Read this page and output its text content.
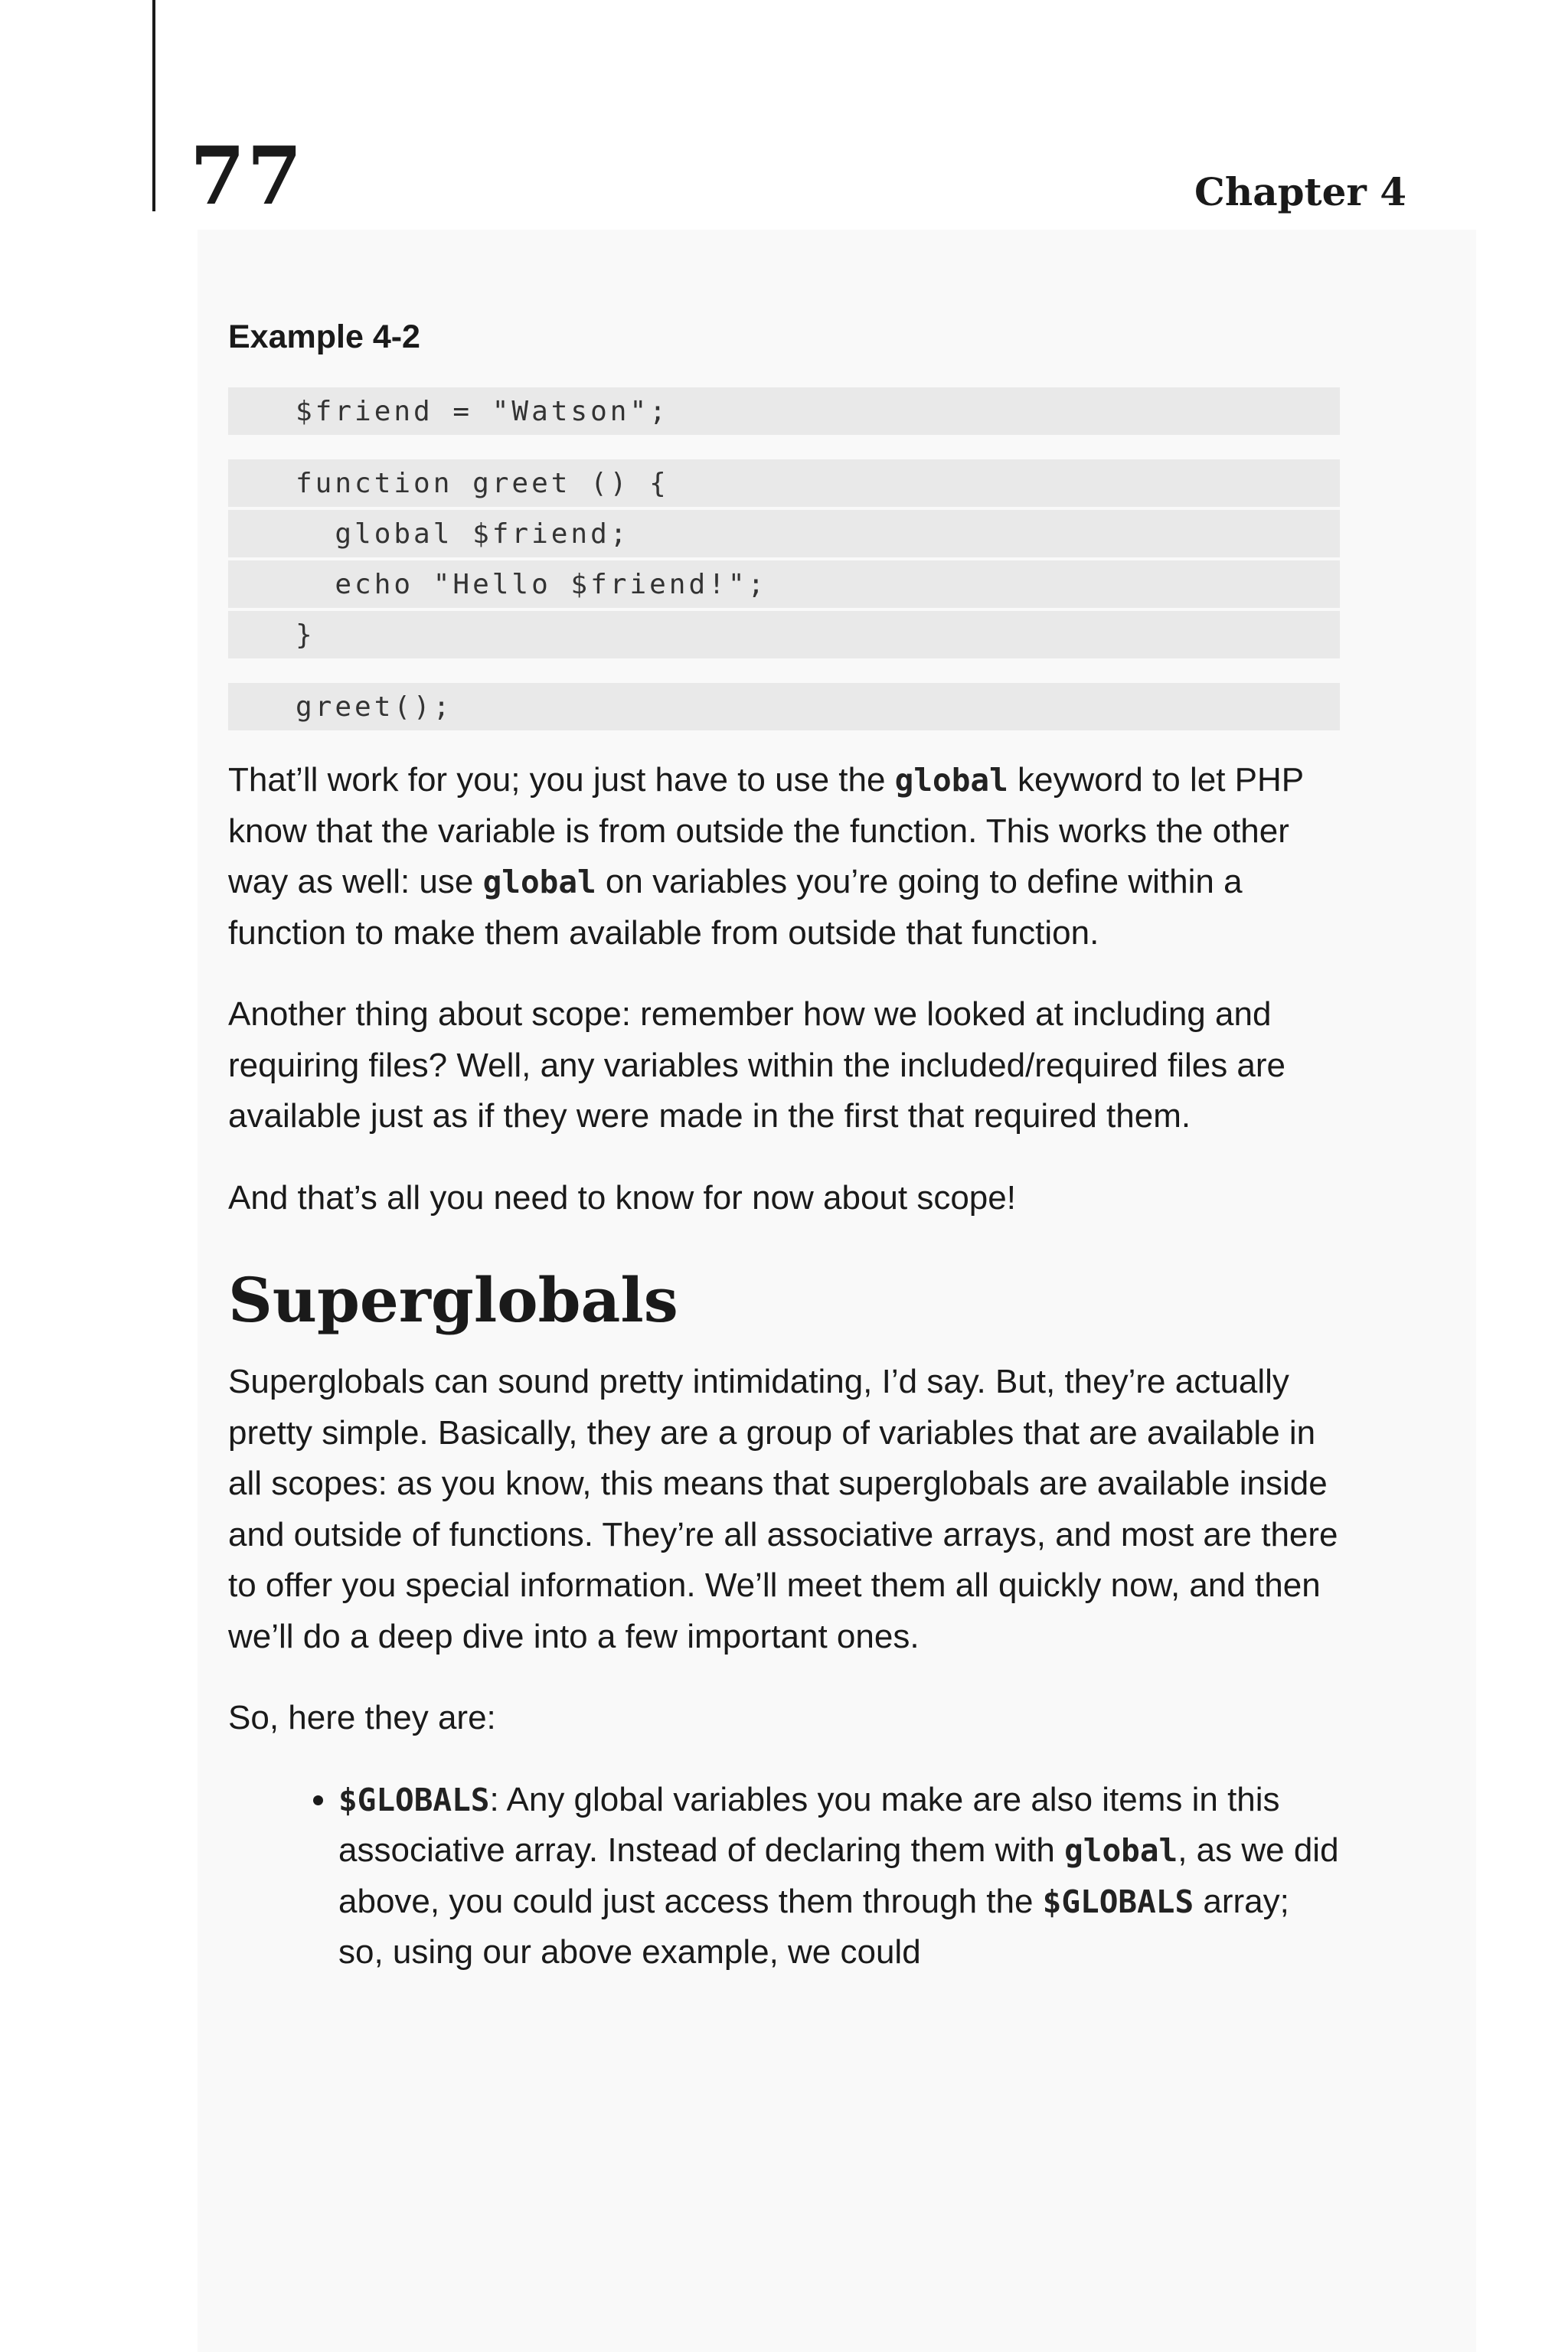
77	Chapter 4
Example 4-2
$friend = "Watson";
function greet () {
global $friend;
echo "Hello $friend!";
}
greet();

That’ll work for you; you just have to use the global keyword to let PHP know that the variable is from outside the function. This works the other way as well: use global on variables you’re going to define within a function to make them available from outside that function.

Another thing about scope: remember how we looked at including and requiring files? Well, any variables within the included/required files are available just as if they were made in the first that required them.

And that’s all you need to know for now about scope!

Superglobals

Superglobals can sound pretty intimidating, I’d say. But, they’re actually pretty simple. Basically, they are a group of variables that are available in all scopes: as you know, this means that superglobals are available inside and outside of functions. They’re all associative arrays, and most are there to offer you special information. We’ll meet them all quickly now, and then we’ll do a deep dive into a few important ones.

So, here they are:

• $GLOBALS: Any global variables you make are also items in this associative array. Instead of declaring them with global, as we did above, you could just access them through the $GLOBALS array; so, using our above example, we could
